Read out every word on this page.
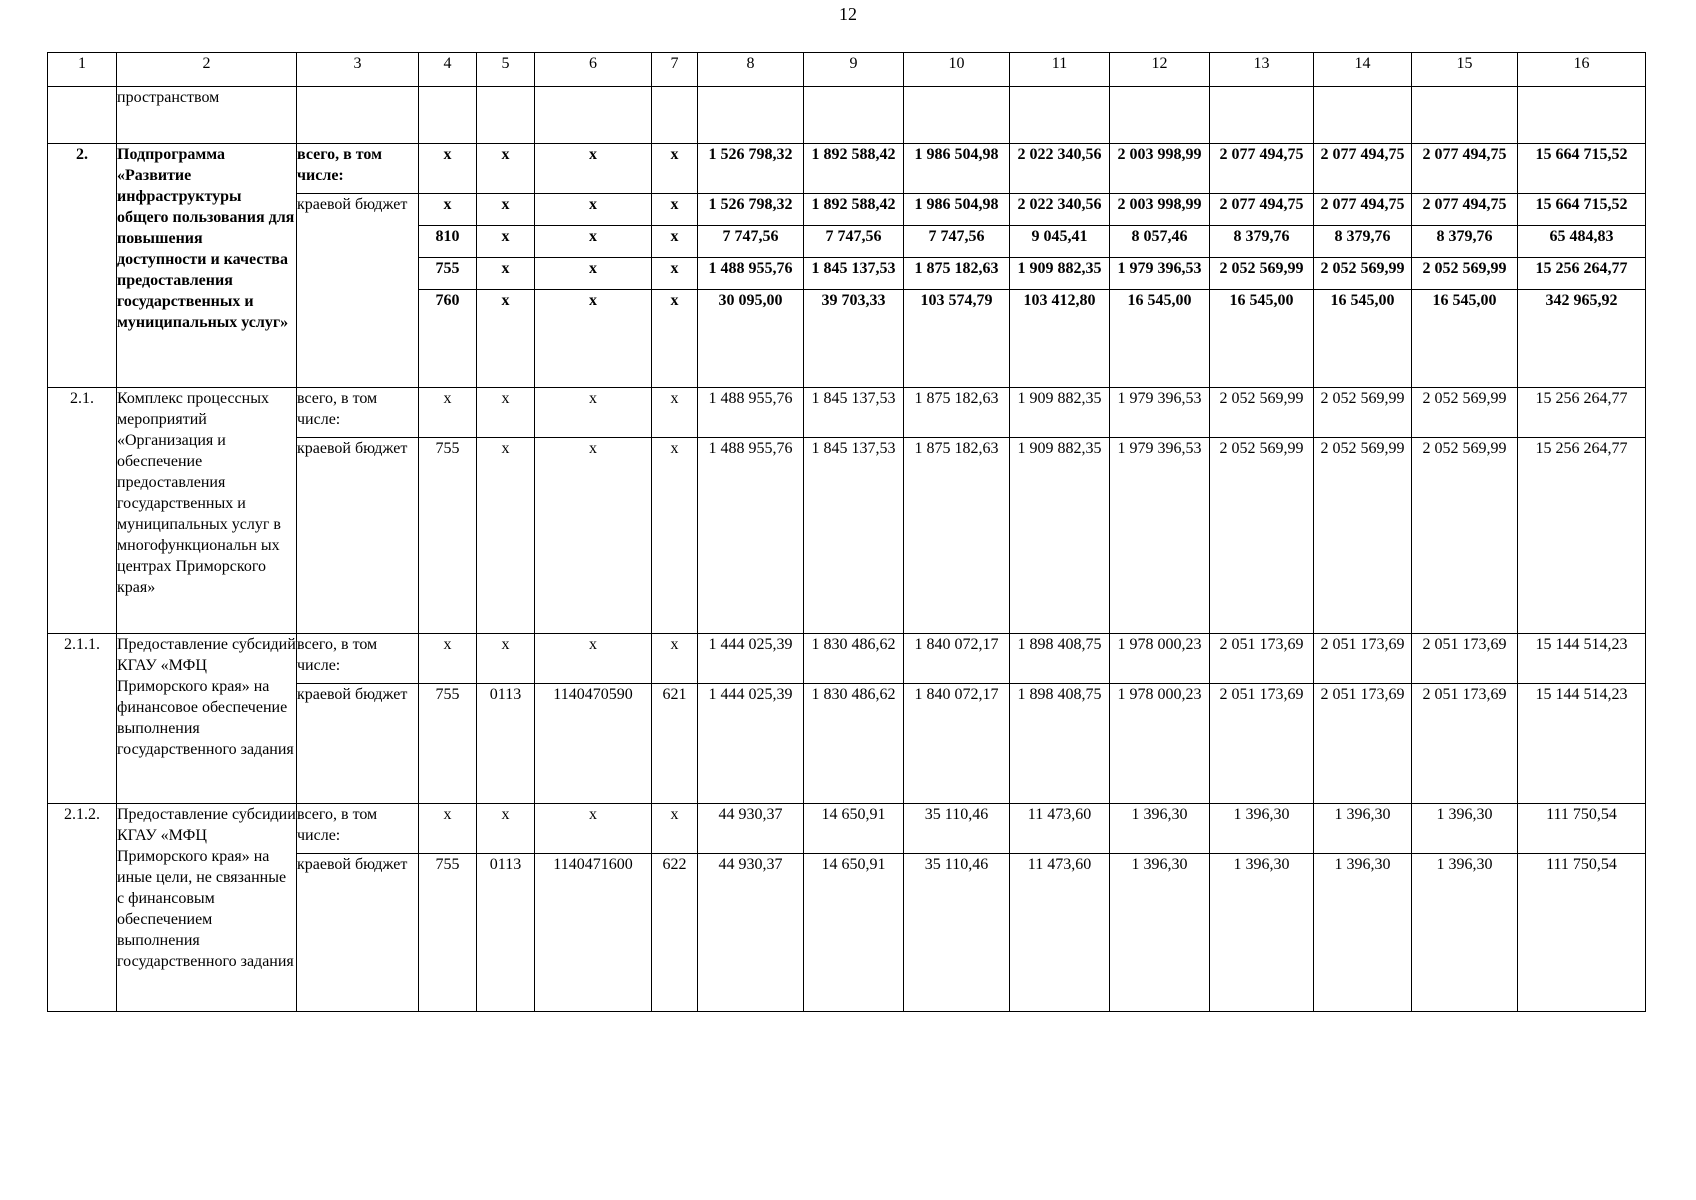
12
1	2	3	4	5	6	7	8	9	10	11	12	13	14	15	16
	пространством														
2.	Подпрограмма «Развитие инфраструктуры общего пользования для повышения доступности и качества предоставления государственных и муниципальных услуг»	всего, в том числе:	х	х	х	х	1 526 798,32	1 892 588,42	1 986 504,98	2 022 340,56	2 003 998,99	2 077 494,75	2 077 494,75	2 077 494,75	15 664 715,52
		краевой бюджет	х	х	х	х	1 526 798,32	1 892 588,42	1 986 504,98	2 022 340,56	2 003 998,99	2 077 494,75	2 077 494,75	2 077 494,75	15 664 715,52
			810	х	х	х	7 747,56	7 747,56	7 747,56	9 045,41	8 057,46	8 379,76	8 379,76	8 379,76	65 484,83
			755	х	х	х	1 488 955,76	1 845 137,53	1 875 182,63	1 909 882,35	1 979 396,53	2 052 569,99	2 052 569,99	2 052 569,99	15 256 264,77
			760	х	х	х	30 095,00	39 703,33	103 574,79	103 412,80	16 545,00	16 545,00	16 545,00	16 545,00	342 965,92
2.1.	Комплекс процессных мероприятий «Организация и обеспечение предоставления государственных и муниципальных услуг в многофункциональн ых центрах Приморского края»	всего, в том числе:	х	х	х	х	1 488 955,76	1 845 137,53	1 875 182,63	1 909 882,35	1 979 396,53	2 052 569,99	2 052 569,99	2 052 569,99	15 256 264,77
		краевой бюджет	755	х	х	х	1 488 955,76	1 845 137,53	1 875 182,63	1 909 882,35	1 979 396,53	2 052 569,99	2 052 569,99	2 052 569,99	15 256 264,77
2.1.1.	Предоставление субсидий КГАУ «МФЦ Приморского края» на финансовое обеспечение выполнения государственного задания	всего, в том числе:	х	х	х	х	1 444 025,39	1 830 486,62	1 840 072,17	1 898 408,75	1 978 000,23	2 051 173,69	2 051 173,69	2 051 173,69	15 144 514,23
		краевой бюджет	755	0113	1140470590	621	1 444 025,39	1 830 486,62	1 840 072,17	1 898 408,75	1 978 000,23	2 051 173,69	2 051 173,69	2 051 173,69	15 144 514,23
2.1.2.	Предоставление субсидии КГАУ «МФЦ Приморского края» на иные цели, не связанные с финансовым обеспечением выполнения государственного задания	всего, в том числе:	х	х	х	х	44 930,37	14 650,91	35 110,46	11 473,60	1 396,30	1 396,30	1 396,30	1 396,30	111 750,54
		краевой бюджет	755	0113	1140471600	622	44 930,37	14 650,91	35 110,46	11 473,60	1 396,30	1 396,30	1 396,30	1 396,30	111 750,54
